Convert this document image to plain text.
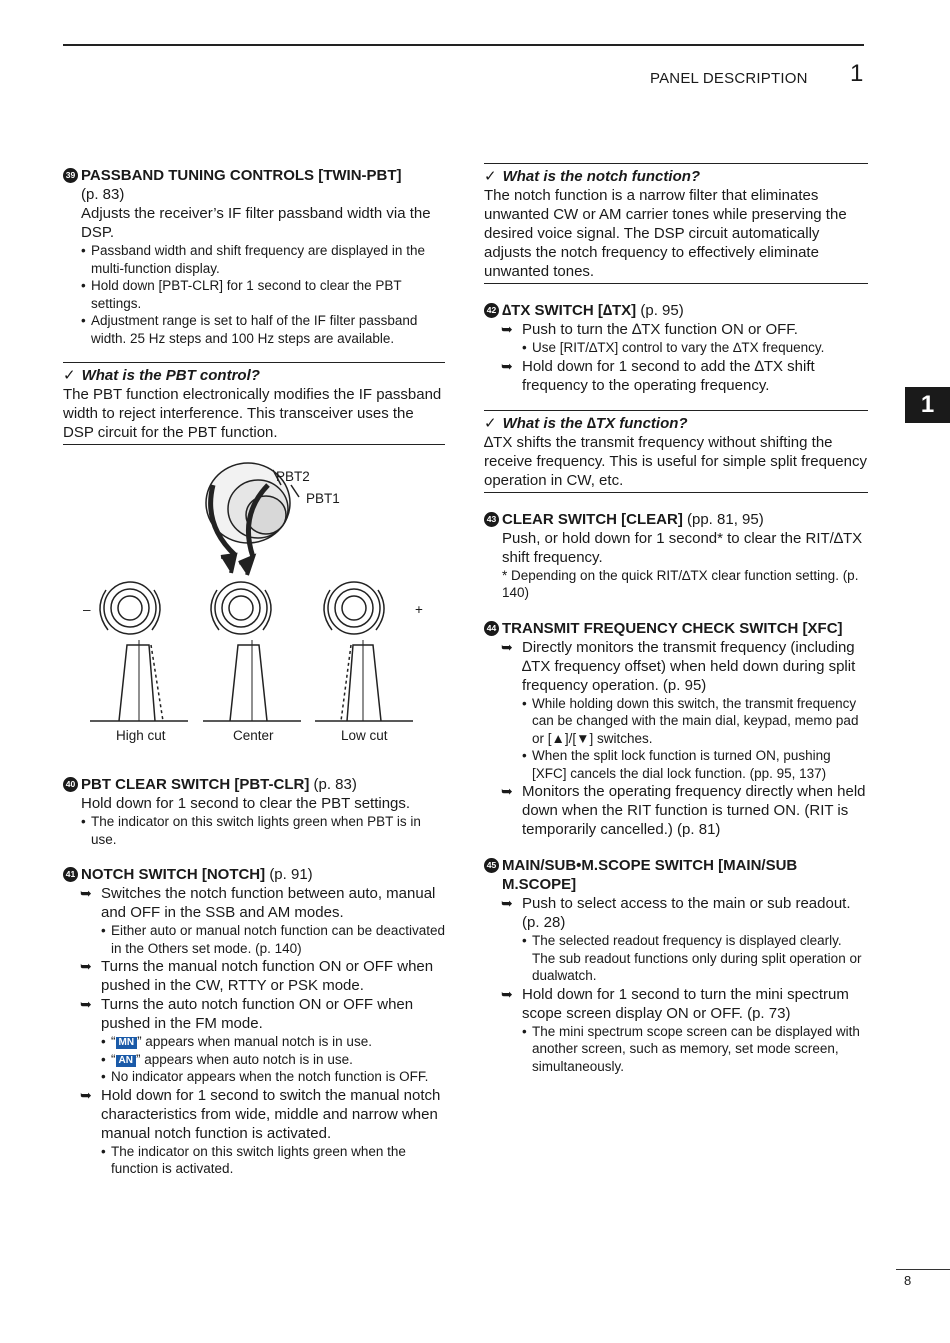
PANEL DESCRIPTION 1
1
8
39 PASSBAND TUNING CONTROLS [TWIN-PBT]
(p. 83)
Adjusts the receiver’s IF filter passband width via the DSP.
• Passband width and shift frequency are displayed in the multi-function display.
• Hold down [PBT-CLR] for 1 second to clear the PBT settings.
• Adjustment range is set to half of the IF filter passband width. 25 Hz steps and 100 Hz steps are available.
✓ What is the PBT control?
The PBT function electronically modifies the IF passband width to reject interference. This transceiver uses the DSP circuit for the PBT function.
PBT2
PBT1
–	+
High cut	Center	Low cut
40 PBT CLEAR SWITCH [PBT-CLR] (p. 83)
Hold down for 1 second to clear the PBT settings.
• The indicator on this switch lights green when PBT is in use.
41 NOTCH SWITCH [NOTCH] (p. 91)
➥ Switches the notch function between auto, manual and OFF in the SSB and AM modes.
• Either auto or manual notch function can be deactivated in the Others set mode. (p. 140)
➥ Turns the manual notch function ON or OFF when pushed in the CW, RTTY or PSK mode.
➥ Turns the auto notch function ON or OFF when pushed in the FM mode.
• “ MN ” appears when manual notch is in use.
• “ AN ” appears when auto notch is in use.
• No indicator appears when the notch function is OFF.
➥ Hold down for 1 second to switch the manual notch characteristics from wide, middle and narrow when manual notch function is activated.
• The indicator on this switch lights green when the function is activated.
✓ What is the notch function?
The notch function is a narrow filter that eliminates unwanted CW or AM carrier tones while preserving the desired voice signal. The DSP circuit automatically adjusts the notch frequency to effectively eliminate unwanted tones.
42 ∆TX SWITCH [∆TX] (p. 95)
➥ Push to turn the ∆TX function ON or OFF.
• Use [RIT/∆TX] control to vary the ∆TX frequency.
➥ Hold down for 1 second to add the ∆TX shift frequency to the operating frequency.
✓ What is the ∆TX function?
∆TX shifts the transmit frequency without shifting the receive frequency. This is useful for simple split frequency operation in CW, etc.
43 CLEAR SWITCH [CLEAR] (pp. 81, 95)
Push, or hold down for 1 second* to clear the RIT/∆TX shift frequency.
* Depending on the quick RIT/∆TX clear function setting. (p. 140)
44 TRANSMIT FREQUENCY CHECK SWITCH [XFC]
➥ Directly monitors the transmit frequency (including ∆TX frequency offset) when held down during split frequency operation. (p. 95)
• While holding down this switch, the transmit frequency can be changed with the main dial, keypad, memo pad or [▲]/[▼] switches.
• When the split lock function is turned ON, pushing [XFC] cancels the dial lock function. (pp. 95, 137)
➥ Monitors the operating frequency directly when held down when the RIT function is turned ON. (RIT is temporarily cancelled.) (p. 81)
45 MAIN/SUB•M.SCOPE SWITCH [MAIN/SUB M.SCOPE]
➥ Push to select access to the main or sub readout. (p. 28)
• The selected readout frequency is displayed clearly. The sub readout functions only during split operation or dualwatch.
➥ Hold down for 1 second to turn the mini spectrum scope screen display ON or OFF. (p. 73)
• The mini spectrum scope screen can be displayed with another screen, such as memory, set mode screen, simultaneously.
